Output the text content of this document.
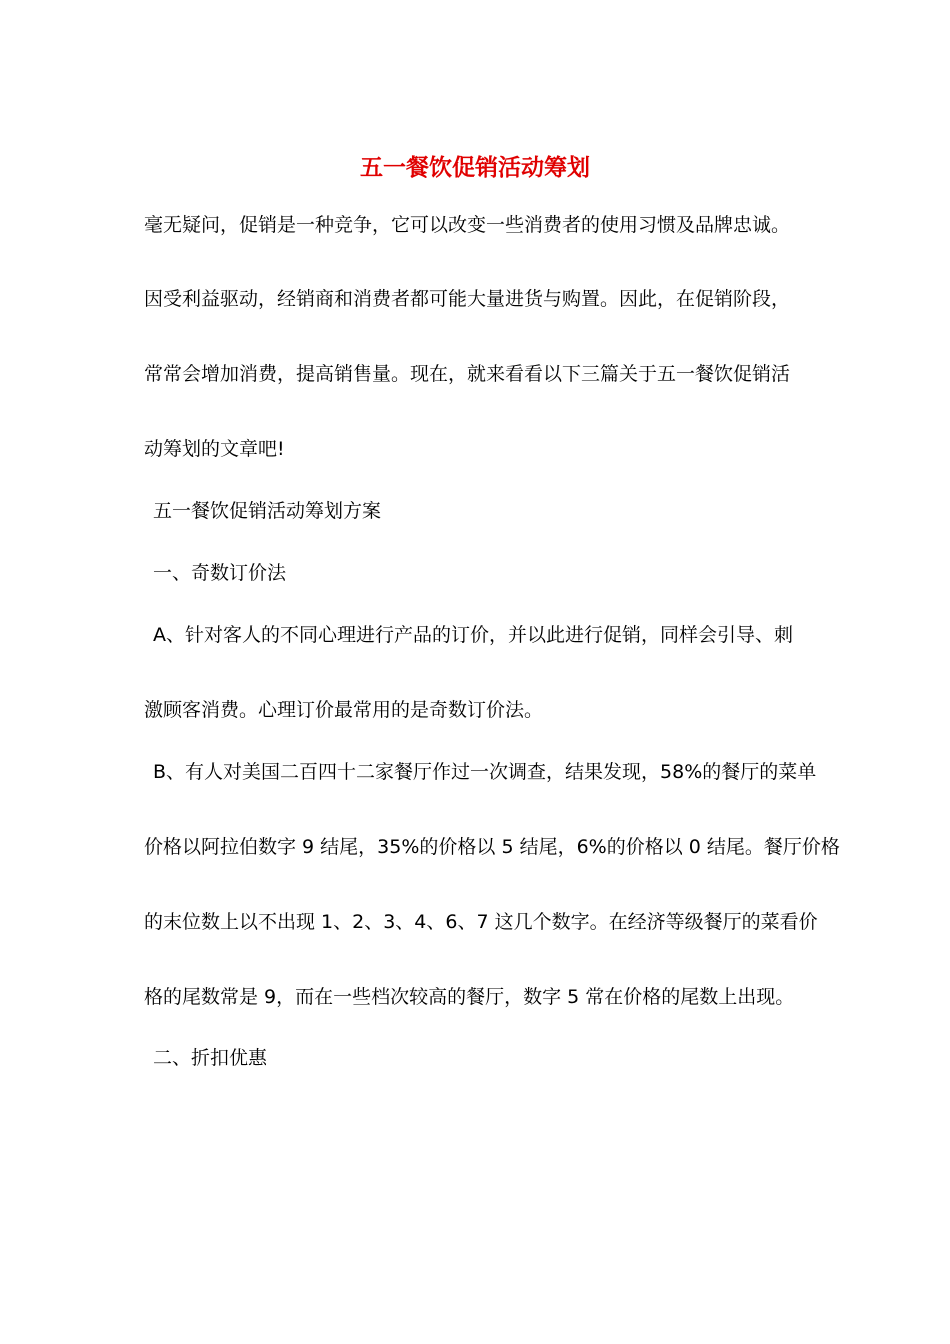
五一餐饮促销活动筹划
毫无疑问，促销是一种竞争，它可以改变一些消费者的使用习惯及品牌忠诚。
因受利益驱动，经销商和消费者都可能大量进货与购置。因此，在促销阶段，
常常会增加消费，提高销售量。现在，就来看看以下三篇关于五一餐饮促销活
动筹划的文章吧!
五一餐饮促销活动筹划方案
一、奇数订价法
A、针对客人的不同心理进行产品的订价，并以此进行促销，同样会引导、刺
激顾客消费。心理订价最常用的是奇数订价法。
B、有人对美国二百四十二家餐厅作过一次调查，结果发现，58%的餐厅的菜单
价格以阿拉伯数字 9 结尾，35%的价格以 5 结尾，6%的价格以 0 结尾。餐厅价格
的末位数上以不出现 1、2、3、4、6、7 这几个数字。在经济等级餐厅的菜看价
格的尾数常是 9，而在一些档次较高的餐厅，数字 5 常在价格的尾数上出现。
二、折扣优惠
